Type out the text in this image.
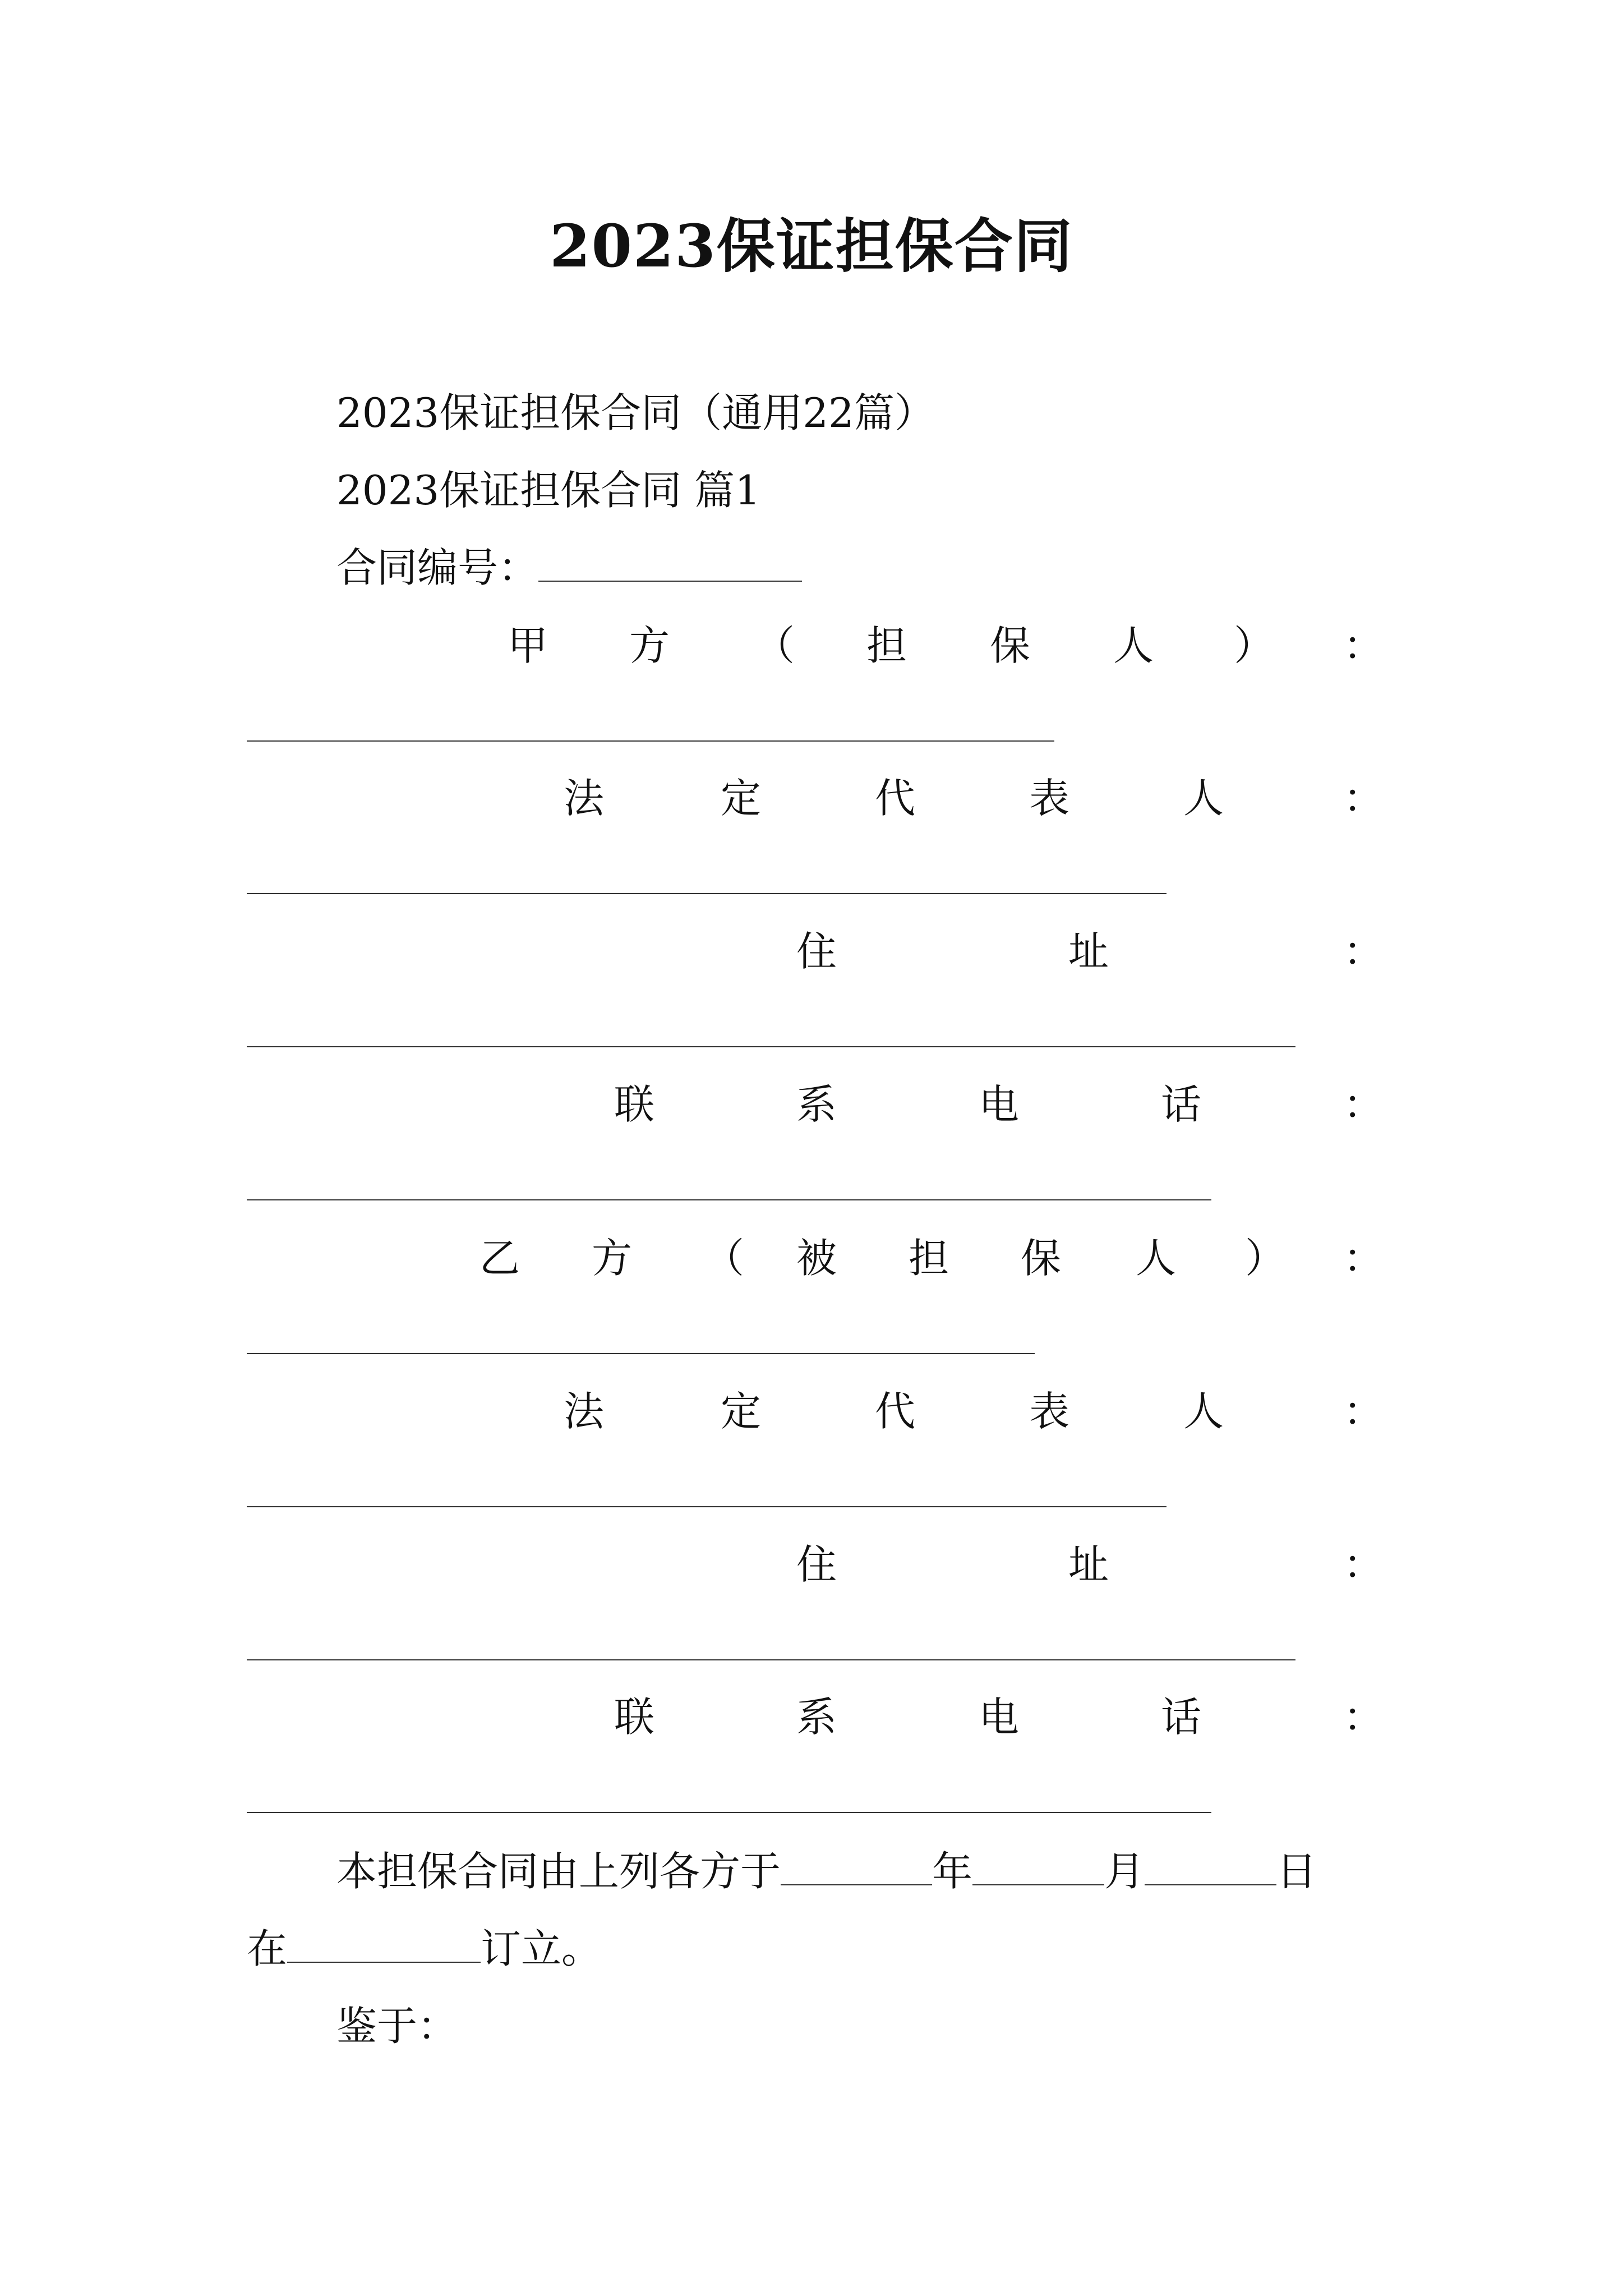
2023保证担保合同
2023保证担保合同（通用22篇）
2023保证担保合同 篇1
合同编号：
甲 方 （ 担 保 人 ） ：
法	定	代	表	人	：
住	址	：
联	系	电	话	：
乙 方 （ 被 担 保 人 ） ：
法	定	代	表	人	：
住	址	：
联	系	电	话	：
本担保合同由上列各方于	年	月	日
在	订立。
鉴于：
